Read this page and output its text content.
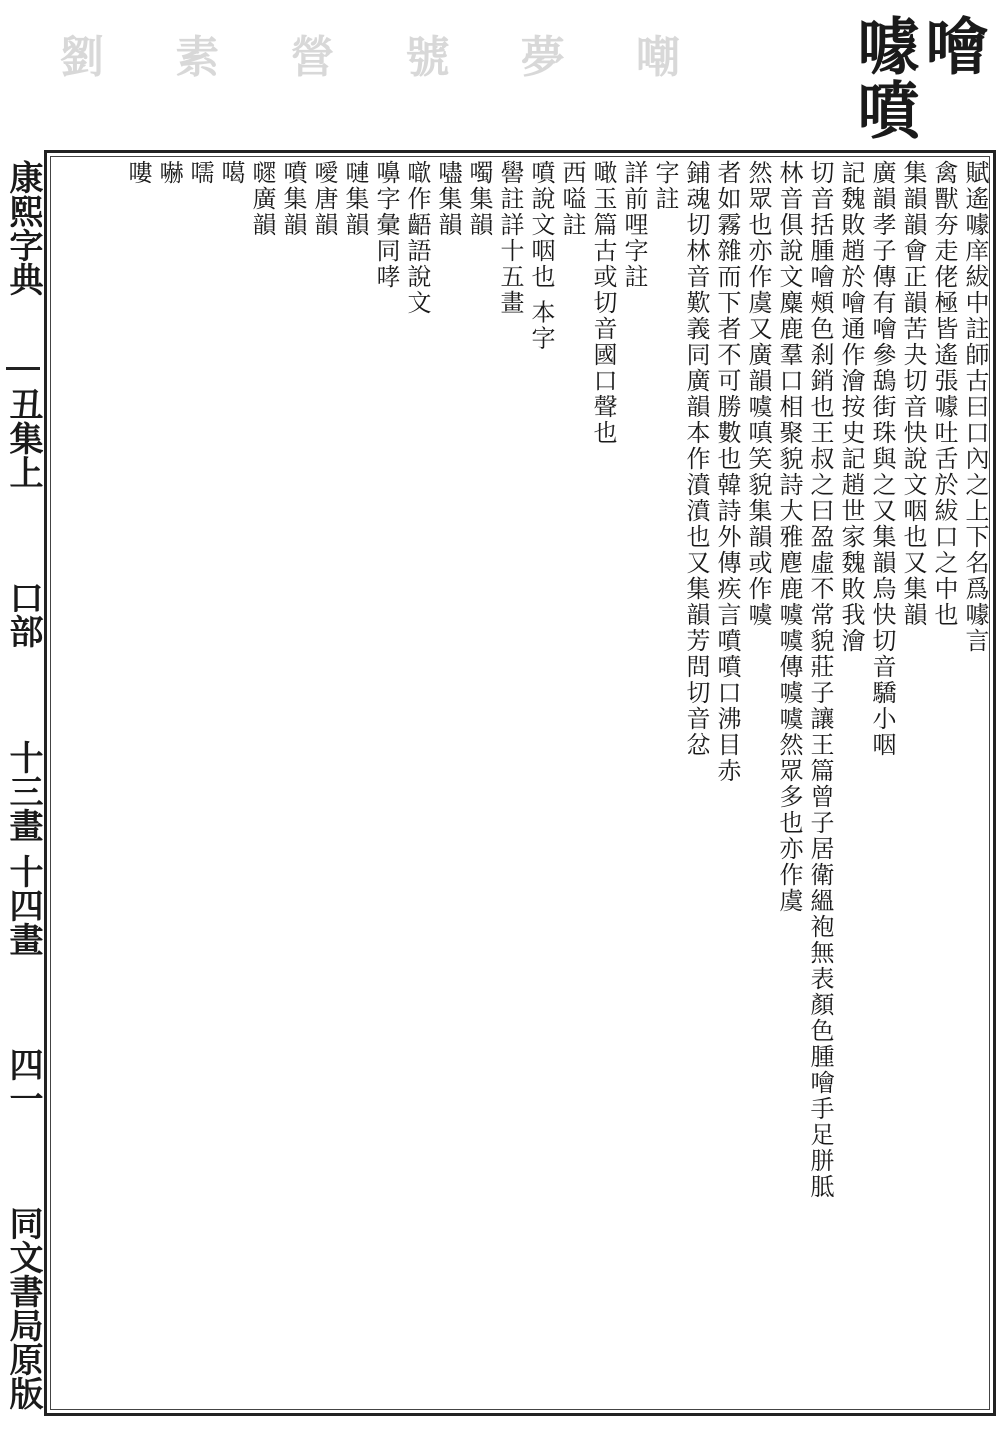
噲
噱噴
劉 素 營 號 夢 嘲
賦遙噱庠紱中註師古曰口內之上下名爲噱言
禽獸夯走佬極皆遙張噱吐舌於紱口之中也
集韻韻會正韻苦夬切音快說文咽也又集韻
廣韻孝子傳有噲參鴰街珠與之又集韻烏快切音驕小咽
記魏敗趙於噲通作澮按史記趙世家魏敗我澮
切音括腫噲頰色刹銷也王叔之曰盈虛不常貌莊子讓王篇曾子居衛縕袍無表顏色腫噲手足胼胝
林音俱說文麋鹿羣口相聚貌詩大雅麀鹿噳噳傳噳噳然眾多也亦作虞
然眾也亦作虞又廣韻噳嗔笑貌集韻或作噳
者如霧雜而下者不可勝數也韓詩外傳疾言噴噴口沸目赤
鋪魂切林音歎義同廣韻本作濆濆也又集韻芳問切音忿
字註
詳前哩字註
噉玉篇古或切音國口聲也
西嗌註
噴說文咽也 本字
嚳註詳十五畫
噣集韻
嚍集韻
噷作齬語說文
嚊字彙同哮
嗹集韻
噯唐韻
噴集韻
嚃廣韻
噶
嚅
嚇
嘍
康熙字典
丑集上
口部
十三畫 十四畫
四一
同文書局原版
